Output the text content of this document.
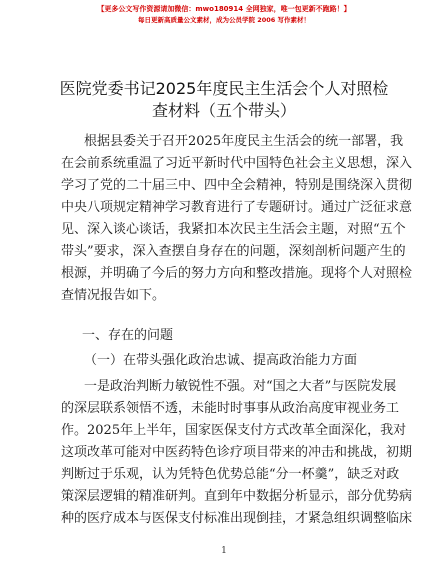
【更多公文写作资源请加微信：mwo180914 全网独家，唯一包更新不跑路！】
每日更新高质量公文素材，成为公员学院 2006 写作素材！
医院党委书记2025年度民主生活会个人对照检
查材料（五个带头）
根据县委关于召开2025年度民主生活会的统一部署，我
在会前系统重温了习近平新时代中国特色社会主义思想，深入
学习了党的二十届三中、四中全会精神，特别是围绕深入贯彻
中央八项规定精神学习教育进行了专题研讨。通过广泛征求意
见、深入谈心谈话，我紧扣本次民主生活会主题，对照“五个
带头”要求，深入查摆自身存在的问题，深刻剖析问题产生的
根源，并明确了今后的努力方向和整改措施。现将个人对照检
查情况报告如下。
一、存在的问题
（一）在带头强化政治忠诚、提高政治能力方面
一是政治判断力敏锐性不强。对“国之大者”与医院发展
的深层联系领悟不透，未能时时事事从政治高度审视业务工
作。2025年上半年，国家医保支付方式改革全面深化，我对
这项改革可能对中医药特色诊疗项目带来的冲击和挑战，初期
判断过于乐观，认为凭特色优势总能“分一杯羹”，缺乏对政
策深层逻辑的精准研判。直到年中数据分析显示，部分优势病
种的医疗成本与医保支付标准出现倒挂，才紧急组织调整临床
1
